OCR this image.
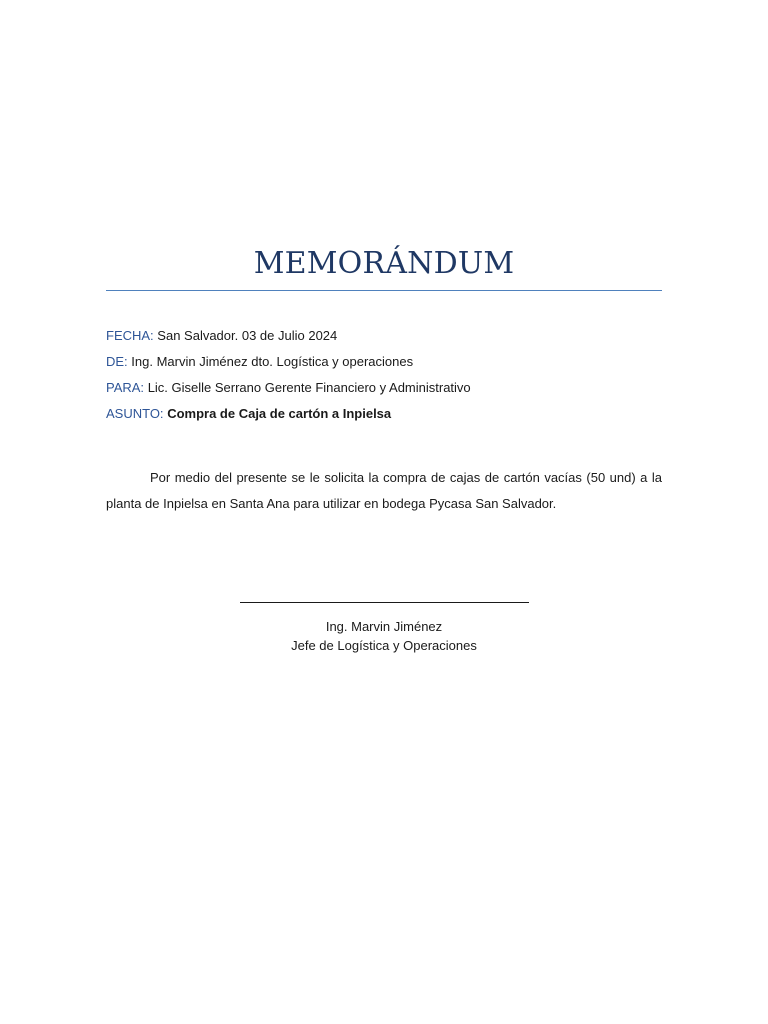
MEMORÁNDUM
FECHA: San Salvador. 03 de Julio 2024
DE: Ing. Marvin Jiménez dto. Logística y operaciones
PARA: Lic. Giselle Serrano Gerente Financiero y Administrativo
ASUNTO: Compra de Caja de cartón a Inpielsa
Por medio del presente se le solicita la compra de cajas de cartón vacías (50 und) a la planta de Inpielsa en Santa Ana para utilizar en bodega Pycasa San Salvador.
Ing. Marvin Jiménez
Jefe de Logística y Operaciones
